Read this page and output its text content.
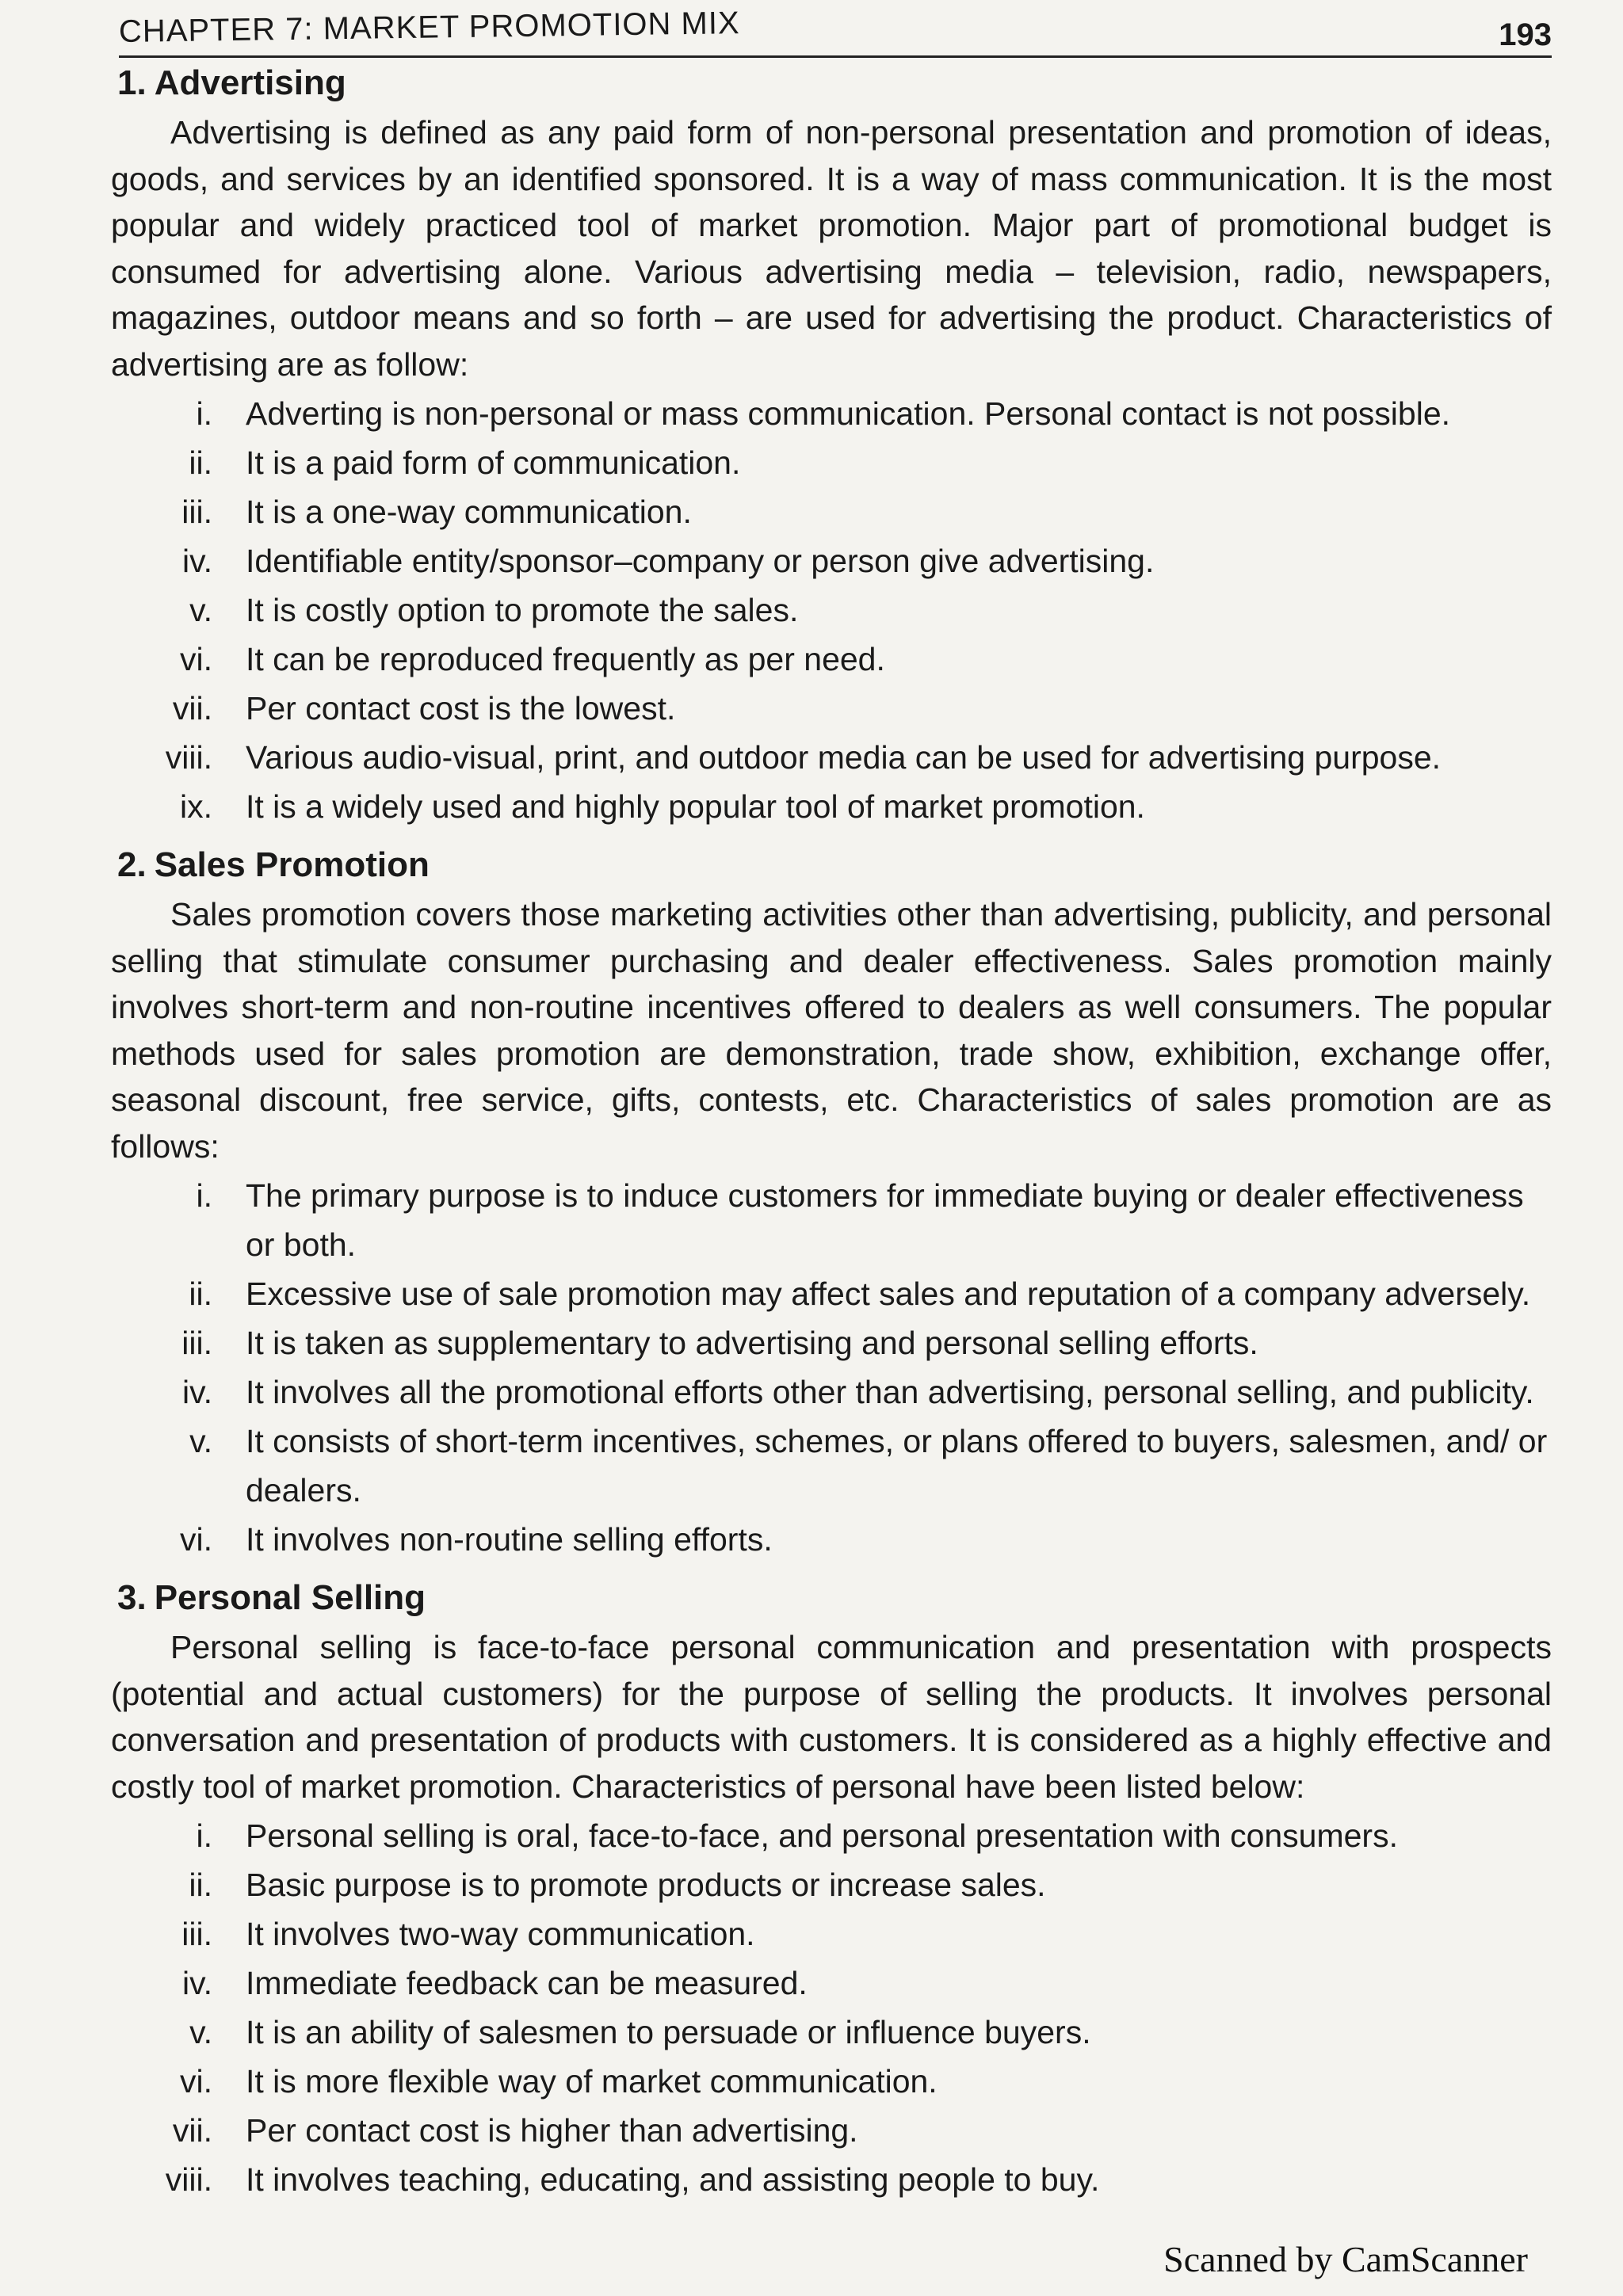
CHAPTER 7: MARKET PROMOTION MIX	193
1. Advertising

Advertising is defined as any paid form of non-personal presentation and promotion of ideas, goods, and services by an identified sponsored. It is a way of mass communication. It is the most popular and widely practiced tool of market promotion. Major part of promotional budget is consumed for advertising alone. Various advertising media – television, radio, newspapers, magazines, outdoor means and so forth – are used for advertising the product. Characteristics of advertising are as follow:

i. Adverting is non-personal or mass communication. Personal contact is not possible.
ii. It is a paid form of communication.
iii. It is a one-way communication.
iv. Identifiable entity/sponsor–company or person give advertising.
v. It is costly option to promote the sales.
vi. It can be reproduced frequently as per need.
vii. Per contact cost is the lowest.
viii. Various audio-visual, print, and outdoor media can be used for advertising purpose.
ix. It is a widely used and highly popular tool of market promotion.
2. Sales Promotion

Sales promotion covers those marketing activities other than advertising, publicity, and personal selling that stimulate consumer purchasing and dealer effectiveness. Sales promotion mainly involves short-term and non-routine incentives offered to dealers as well consumers. The popular methods used for sales promotion are demonstration, trade show, exhibition, exchange offer, seasonal discount, free service, gifts, contests, etc. Characteristics of sales promotion are as follows:

i. The primary purpose is to induce customers for immediate buying or dealer effectiveness or both.
ii. Excessive use of sale promotion may affect sales and reputation of a company adversely.
iii. It is taken as supplementary to advertising and personal selling efforts.
iv. It involves all the promotional efforts other than advertising, personal selling, and publicity.
v. It consists of short-term incentives, schemes, or plans offered to buyers, salesmen, and/ or dealers.
vi. It involves non-routine selling efforts.
3. Personal Selling

Personal selling is face-to-face personal communication and presentation with prospects (potential and actual customers) for the purpose of selling the products. It involves personal conversation and presentation of products with customers. It is considered as a highly effective and costly tool of market promotion. Characteristics of personal have been listed below:

i. Personal selling is oral, face-to-face, and personal presentation with consumers.
ii. Basic purpose is to promote products or increase sales.
iii. It involves two-way communication.
iv. Immediate feedback can be measured.
v. It is an ability of salesmen to persuade or influence buyers.
vi. It is more flexible way of market communication.
vii. Per contact cost is higher than advertising.
viii. It involves teaching, educating, and assisting people to buy.
Scanned by CamScanner
